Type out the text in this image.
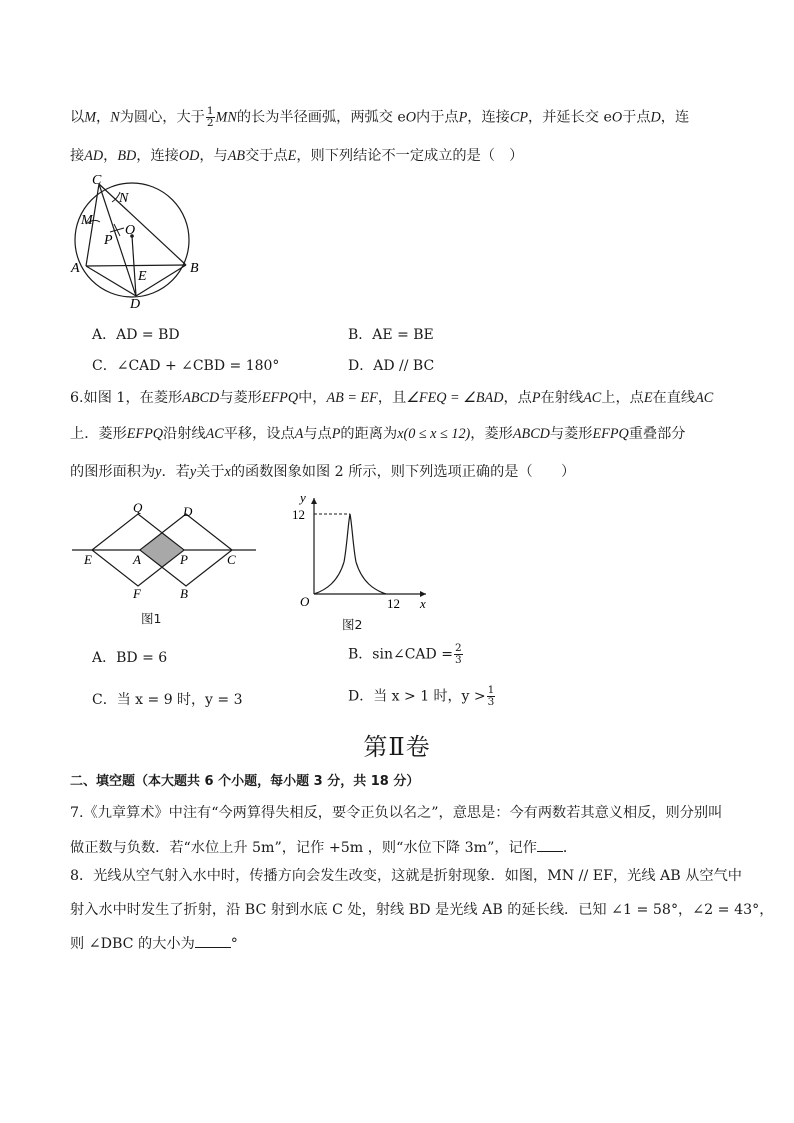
以M，N为圆心，大于 $\frac{1}{2}$ MN的长为半径画弧，两弧交 eO内于点P，连接CP，并延长交 eO于点D，连
接AD，BD，连接OD，与AB交于点E，则下列结论不一定成立的是（　）
C
N
M
O
P
A	B
E
D
A．AD = BD	B．AE = BE
C．∠CAD + ∠CBD = 180°	D．AD // BC
6.如图 1，在菱形ABCD与菱形EFPQ中，AB = EF，且∠FEQ = ∠BAD，点P在射线AC上，点E在直线AC
上．菱形EFPQ沿射线AC平移，设点A与点P的距离为x(0 ≤ x ≤ 12)，菱形ABCD与菱形EFPQ重叠部分
的图形面积为y．若y关于x的函数图象如图 2 所示，则下列选项正确的是（　　）
Q	D
E	A	P	C
F	B
图1
y
x
O
12
12
图2
A．BD = 6	B．sin∠CAD = $\frac{2}{3}$
C．当 x = 9 时，y = 3	D．当 x > 1 时，$y > \frac{1}{3}$
第Ⅱ卷
二、填空题（本大题共 6 个小题，每小题 3 分，共 18 分）
7.《九章算术》中注有“今两算得失相反，要令正负以名之”，意思是：今有两数若其意义相反，则分别叫
做正数与负数．若“水位上升 5m”，记作 +5m ，则“水位下降 3m”，记作 ．
8．光线从空气射入水中时，传播方向会发生改变，这就是折射现象．如图，MN // EF，光线 AB 从空气中
射入水中时发生了折射，沿 BC 射到水底 C 处，射线 BD 是光线 AB 的延长线．已知 ∠1 = 58°，∠2 = 43°，
则 ∠DBC 的大小为	°
